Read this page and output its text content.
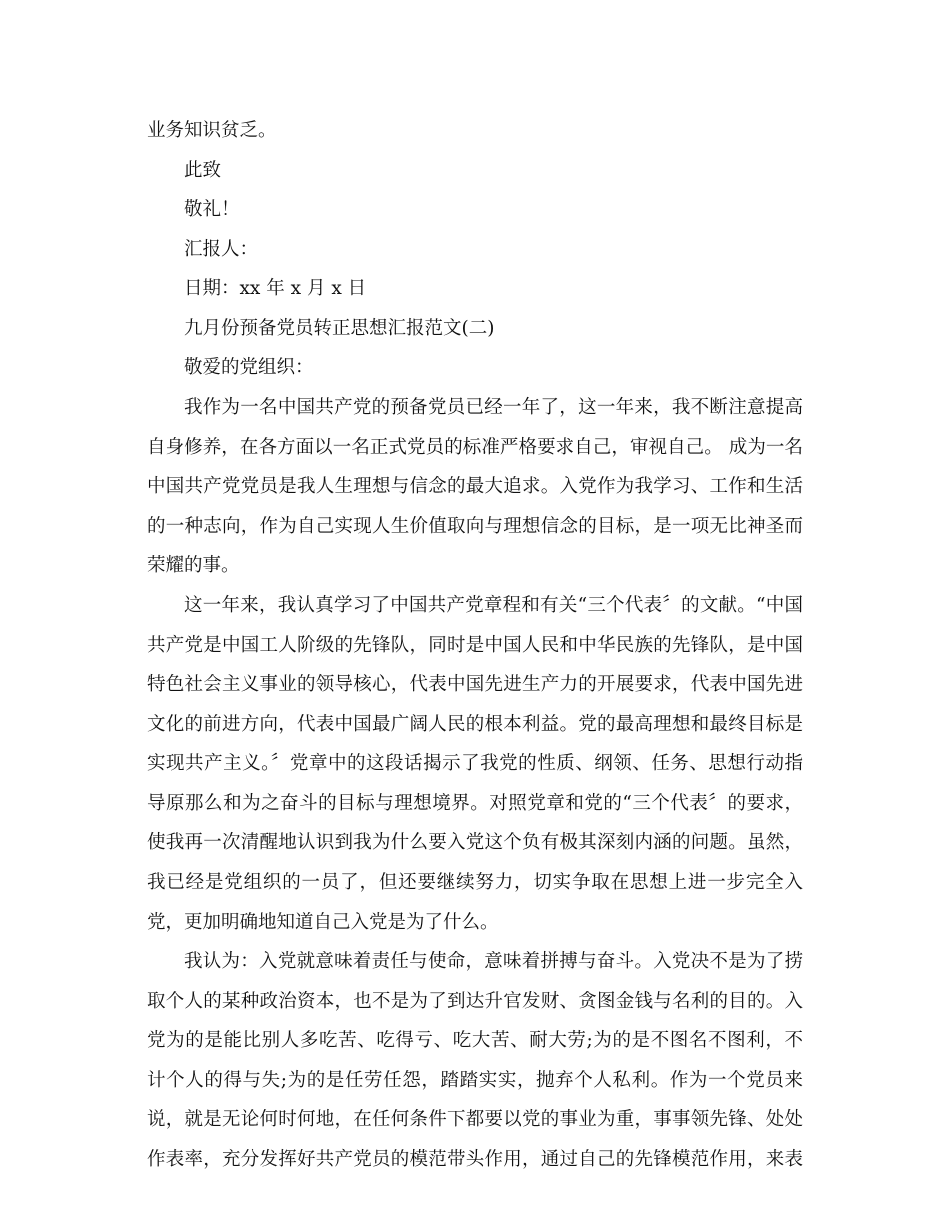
业务知识贫乏。

此致

敬礼！

汇报人：

日期：xx 年 x 月 x 日

九月份预备党员转正思想汇报范文(二)

敬爱的党组织：

我作为一名中国共产党的预备党员已经一年了，这一年来，我不断注意提高

自身修养，在各方面以一名正式党员的标准严格要求自己，审视自己。 成为一名

中国共产党党员是我人生理想与信念的最大追求。入党作为我学习、工作和生活

的一种志向，作为自己实现人生价值取向与理想信念的目标，是一项无比神圣而

荣耀的事。

这一年来，我认真学习了中国共产党章程和有关“三个代表〞的文献。“中国

共产党是中国工人阶级的先锋队，同时是中国人民和中华民族的先锋队，是中国

特色社会主义事业的领导核心，代表中国先进生产力的开展要求，代表中国先进

文化的前进方向，代表中国最广阔人民的根本利益。党的最高理想和最终目标是

实现共产主义。〞党章中的这段话揭示了我党的性质、纲领、任务、思想行动指

导原那么和为之奋斗的目标与理想境界。对照党章和党的“三个代表〞的要求，

使我再一次清醒地认识到我为什么要入党这个负有极其深刻内涵的问题。虽然，

我已经是党组织的一员了，但还要继续努力，切实争取在思想上进一步完全入

党，更加明确地知道自己入党是为了什么。

我认为：入党就意味着责任与使命，意味着拼搏与奋斗。入党决不是为了捞

取个人的某种政治资本，也不是为了到达升官发财、贪图金钱与名利的目的。入

党为的是能比别人多吃苦、吃得亏、吃大苦、耐大劳;为的是不图名不图利，不

计个人的得与失;为的是任劳任怨，踏踏实实，抛弃个人私利。作为一个党员来

说，就是无论何时何地，在任何条件下都要以党的事业为重，事事领先锋、处处

作表率，充分发挥好共产党员的模范带头作用，通过自己的先锋模范作用，来表
